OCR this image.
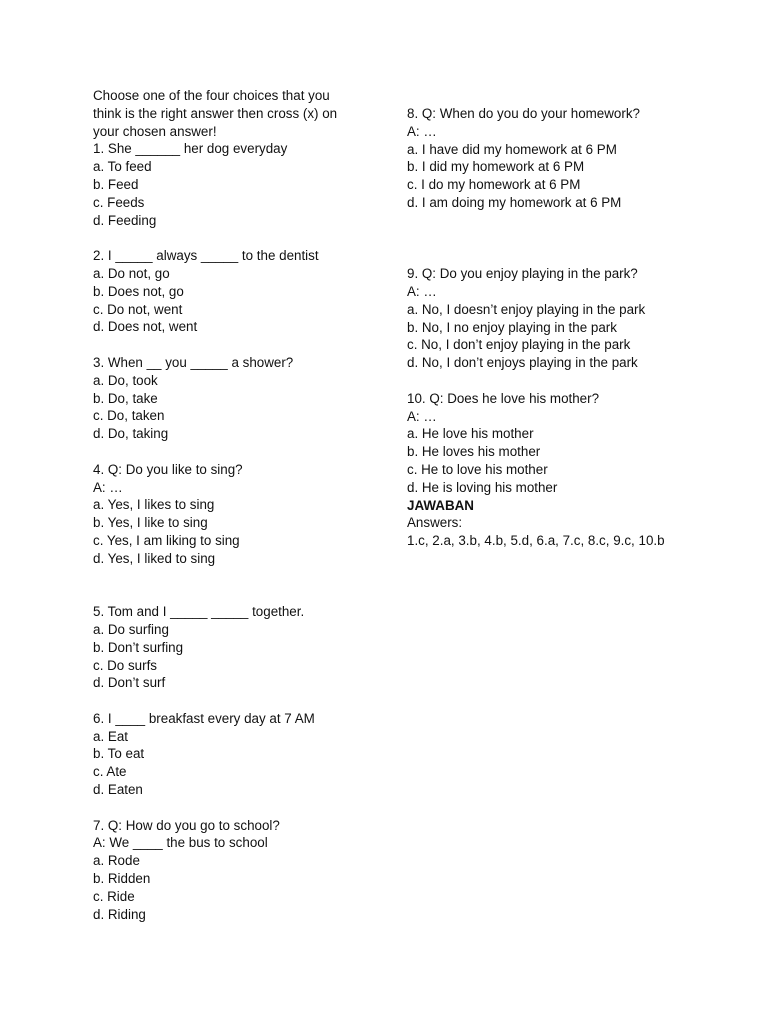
Choose one of the four choices that you think is the right answer then cross (x) on your chosen answer!
1. She ______ her dog everyday
a. To feed
b. Feed
c. Feeds
d. Feeding
2. I _____ always _____ to the dentist
a. Do not, go
b. Does not, go
c. Do not, went
d. Does not, went
3. When __ you _____ a shower?
a. Do, took
b. Do, take
c. Do, taken
d. Do, taking
4. Q: Do you like to sing?
A: …
a. Yes, I likes to sing
b. Yes, I like to sing
c. Yes, I am liking to sing
d. Yes, I liked to sing
5. Tom and I _____ _____ together.
a. Do surfing
b. Don’t surfing
c. Do surfs
d. Don’t surf
6. I ____ breakfast every day at 7 AM
a. Eat
b. To eat
c. Ate
d. Eaten
7. Q: How do you go to school?
A: We ____ the bus to school
a. Rode
b. Ridden
c. Ride
d. Riding
8. Q: When do you do your homework?
A: …
a. I have did my homework at 6 PM
b. I did my homework at 6 PM
c. I do my homework at 6 PM
d. I am doing my homework at 6 PM
9. Q: Do you enjoy playing in the park?
A: …
a. No, I doesn’t enjoy playing in the park
b. No, I no enjoy playing in the park
c. No, I don’t enjoy playing in the park
d. No, I don’t enjoys playing in the park
10. Q: Does he love his mother?
A: …
a. He love his mother
b. He loves his mother
c. He to love his mother
d. He is loving his mother
JAWABAN
Answers:
1.c, 2.a, 3.b, 4.b, 5.d, 6.a, 7.c, 8.c, 9.c, 10.b
